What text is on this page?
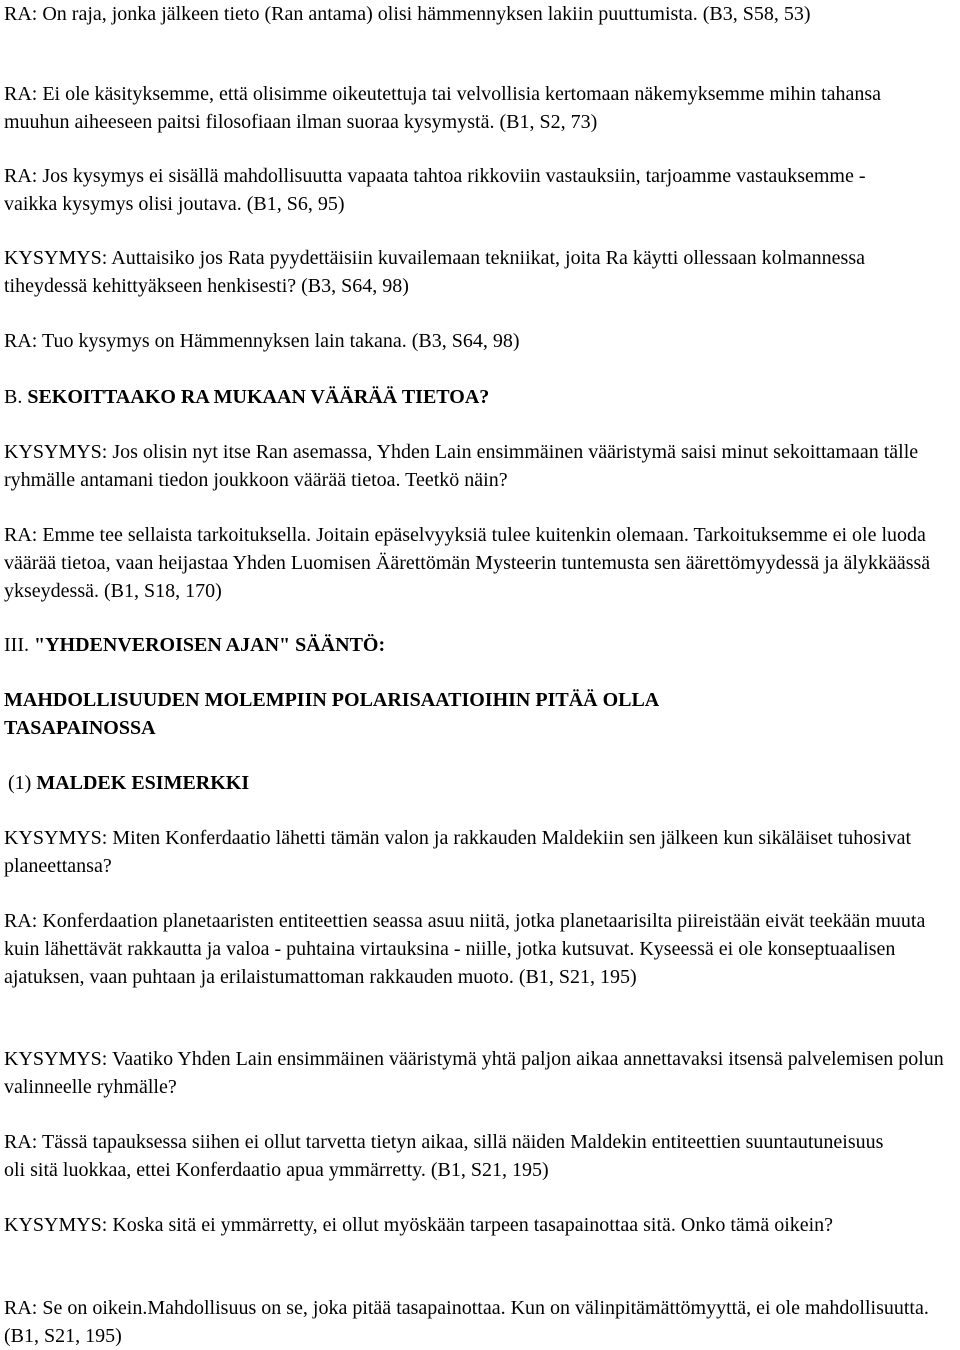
RA: On raja, jonka jälkeen tieto (Ran antama) olisi hämmennyksen lakiin puuttumista. (B3, S58, 53)

RA: Ei ole käsityksemme, että olisimme oikeutettuja tai velvollisia kertomaan näkemyksemme mihin tahansa muuhun aiheeseen paitsi filosofiaan ilman suoraa kysymystä. (B1, S2, 73)

RA: Jos kysymys ei sisällä mahdollisuutta vapaata tahtoa rikkoviin vastauksiin, tarjoamme vastauksemme - vaikka kysymys olisi joutava. (B1, S6, 95)

KYSYMYS: Auttaisiko jos Rata pyydettäisiin kuvailemaan tekniikat, joita Ra käytti ollessaan kolmannessa tiheydessä kehittyäkseen henkisesti? (B3, S64, 98)

RA: Tuo kysymys on Hämmennyksen lain takana. (B3, S64, 98)

B. SEKOITTAAKO RA MUKAAN VÄÄRÄÄ TIETOA?

KYSYMYS: Jos olisin nyt itse Ran asemassa, Yhden Lain ensimmäinen vääristymä saisi minut sekoittamaan tälle ryhmälle antamani tiedon joukkoon väärää tietoa. Teetkö näin?

RA: Emme tee sellaista tarkoituksella. Joitain epäselvyyksiä tulee kuitenkin olemaan. Tarkoituksemme ei ole luoda väärää tietoa, vaan heijastaa Yhden Luomisen Äärettömän Mysteerin tuntemusta sen äärettömyydessä ja älykkäässä ykseydessä. (B1, S18, 170)

III. "YHDENVEROISEN AJAN" SÄÄNTÖ:

MAHDOLLISUUDEN MOLEMPIIN POLARISAATIOIHIN PITÄÄ OLLA TASAPAINOSSA

(1) MALDEK ESIMERKKI

KYSYMYS: Miten Konferdaatio lähetti tämän valon ja rakkauden Maldekiin sen jälkeen kun sikäläiset tuhosivat planeettansa?

RA: Konferdaation planetaaristen entiteettien seassa asuu niitä, jotka planetaarisilta piireistään eivät teekään muuta kuin lähettävät rakkautta ja valoa - puhtaina virtauksina - niille, jotka kutsuvat. Kyseessä ei ole konseptuaalisen ajatuksen, vaan puhtaan ja erilaistumattoman rakkauden muoto. (B1, S21, 195)

KYSYMYS: Vaatiko Yhden Lain ensimmäinen vääristymä yhtä paljon aikaa annettavaksi itsensä palvelemisen polun valinneelle ryhmälle?

RA: Tässä tapauksessa siihen ei ollut tarvetta tietyn aikaa, sillä näiden Maldekin entiteettien suuntautuneisuus oli sitä luokkaa, ettei Konferdaatio apua ymmärretty. (B1, S21, 195)

KYSYMYS: Koska sitä ei ymmärretty, ei ollut myöskään tarpeen tasapainottaa sitä. Onko tämä oikein?

RA: Se on oikein.Mahdollisuus on se, joka pitää tasapainottaa. Kun on välinpitämättömyyttä, ei ole mahdollisuutta. (B1, S21, 195)
